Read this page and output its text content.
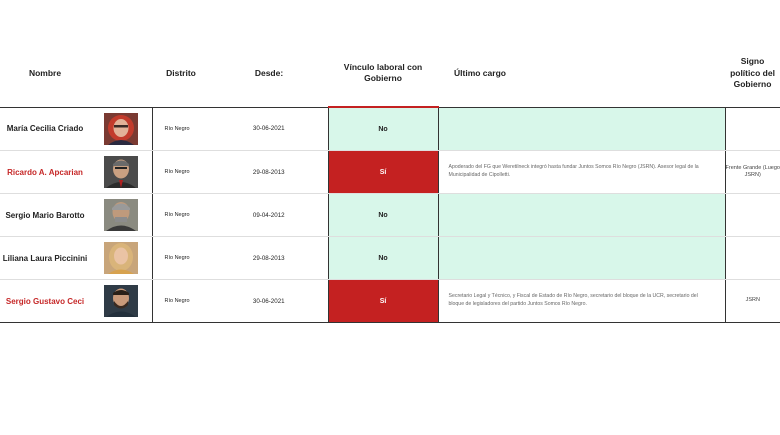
Nombre		Distrito	Desde:	Vínculo laboral con Gobierno	Último cargo		Signo político del Gobierno
María Cecilia Criado		Río Negro	30-06-2021	No			
Ricardo A. Apcarian		Río Negro	29-08-2013	Sí	Apoderado del FG que Weretilneck integró hasta fundar Juntos Somos Río Negro (JSRN). Asesor legal de la Municipalidad de Cipolletti.		Frente Grande (Luego JSRN)
Sergio Mario Barotto		Río Negro	09-04-2012	No			
Liliana Laura Piccinini		Río Negro	29-08-2013	No			
Sergio Gustavo Ceci		Río Negro	30-06-2021	Sí	Secretario Legal y Técnico, y Fiscal de Estado de Río Negro, secretario del bloque de la UCR, secretario del bloque de legisladores del partido Juntos Somos Río Negro.		JSRN
